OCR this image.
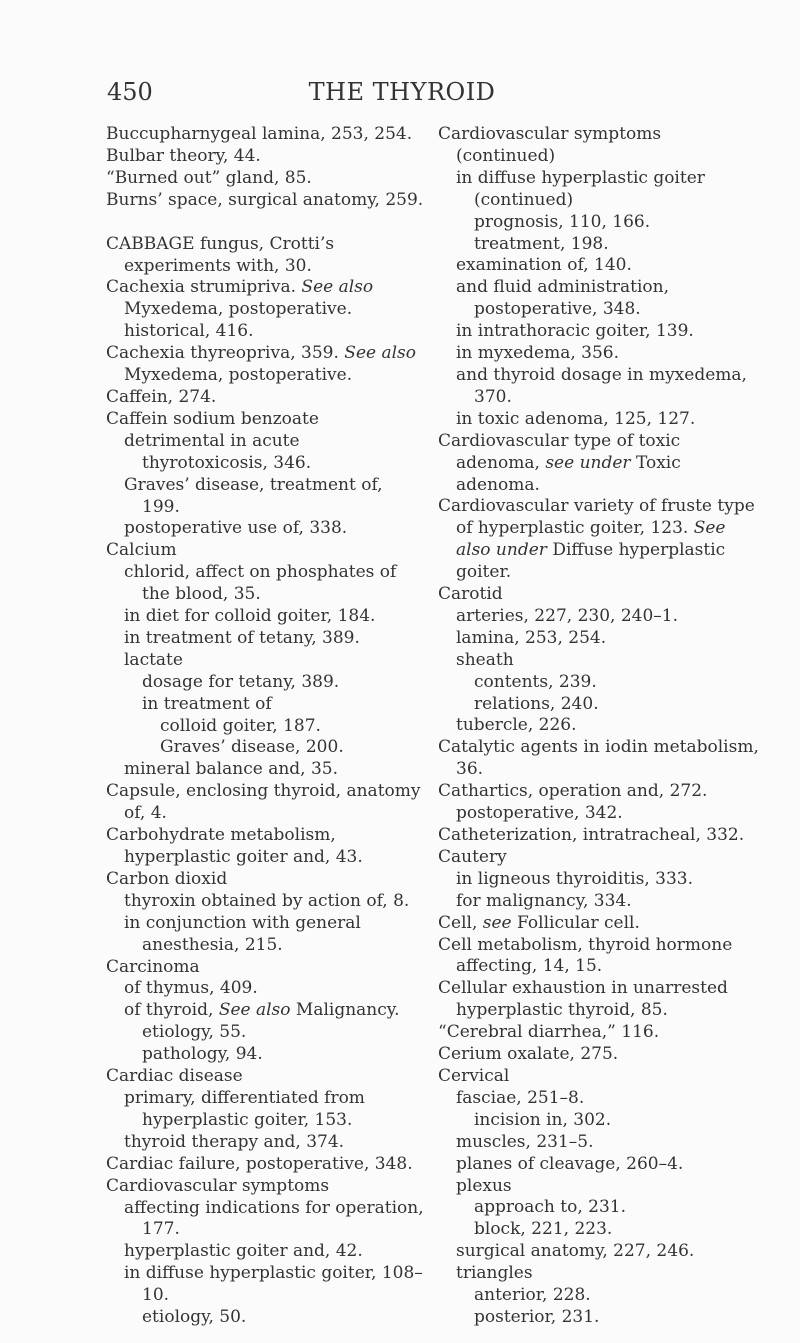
450	THE THYROID

Buccupharnygeal lamina, 253, 254.

Bulbar theory, 44.

“Burned out” gland, 85.

Burns’ space, surgical anatomy, 259.

CABBAGE fungus, Crotti’s experiments with, 30.

Cachexia strumipriva. See also Myxedema, postoperative.

historical, 416.

Cachexia thyreopriva, 359. See also Myxedema, postoperative.

Caffein, 274.

Caffein sodium benzoate

detrimental in acute thyrotoxicosis, 346.

Graves’ disease, treatment of, 199.

postoperative use of, 338.

Calcium

chlorid, affect on phosphates of the blood, 35.

in diet for colloid goiter, 184.

in treatment of tetany, 389.

lactate

dosage for tetany, 389.

in treatment of

colloid goiter, 187.

Graves’ disease, 200.

mineral balance and, 35.

Capsule, enclosing thyroid, anatomy of, 4.

Carbohydrate metabolism, hyperplastic goiter and, 43.

Carbon dioxid

thyroxin obtained by action of, 8.

in conjunction with general anesthesia, 215.

Carcinoma

of thymus, 409.

of thyroid, See also Malignancy.

etiology, 55.

pathology, 94.

Cardiac disease

primary, differentiated from hyperplastic goiter, 153.

thyroid therapy and, 374.

Cardiac failure, postoperative, 348.

Cardiovascular symptoms

affecting indications for operation, 177.

hyperplastic goiter and, 42.

in diffuse hyperplastic goiter, 108–10.

etiology, 50.

Cardiovascular symptoms (continued)

in diffuse hyperplastic goiter (continued)

prognosis, 110, 166.

treatment, 198.

examination of, 140.

and fluid administration, postoperative, 348.

in intrathoracic goiter, 139.

in myxedema, 356.

and thyroid dosage in myxedema, 370.

in toxic adenoma, 125, 127.

Cardiovascular type of toxic adenoma, see under Toxic adenoma.

Cardiovascular variety of fruste type of hyperplastic goiter, 123. See also under Diffuse hyperplastic goiter.

Carotid

arteries, 227, 230, 240–1.

lamina, 253, 254.

sheath

contents, 239.

relations, 240.

tubercle, 226.

Catalytic agents in iodin metabolism, 36.

Cathartics, operation and, 272.

postoperative, 342.

Catheterization, intratracheal, 332.

Cautery

in ligneous thyroiditis, 333.

for malignancy, 334.

Cell, see Follicular cell.

Cell metabolism, thyroid hormone affecting, 14, 15.

Cellular exhaustion in unarrested hyperplastic thyroid, 85.

“Cerebral diarrhea,” 116.

Cerium oxalate, 275.

Cervical

fasciae, 251–8.

incision in, 302.

muscles, 231–5.

planes of cleavage, 260–4.

plexus

approach to, 231.

block, 221, 223.

surgical anatomy, 227, 246.

triangles

anterior, 228.

posterior, 231.
